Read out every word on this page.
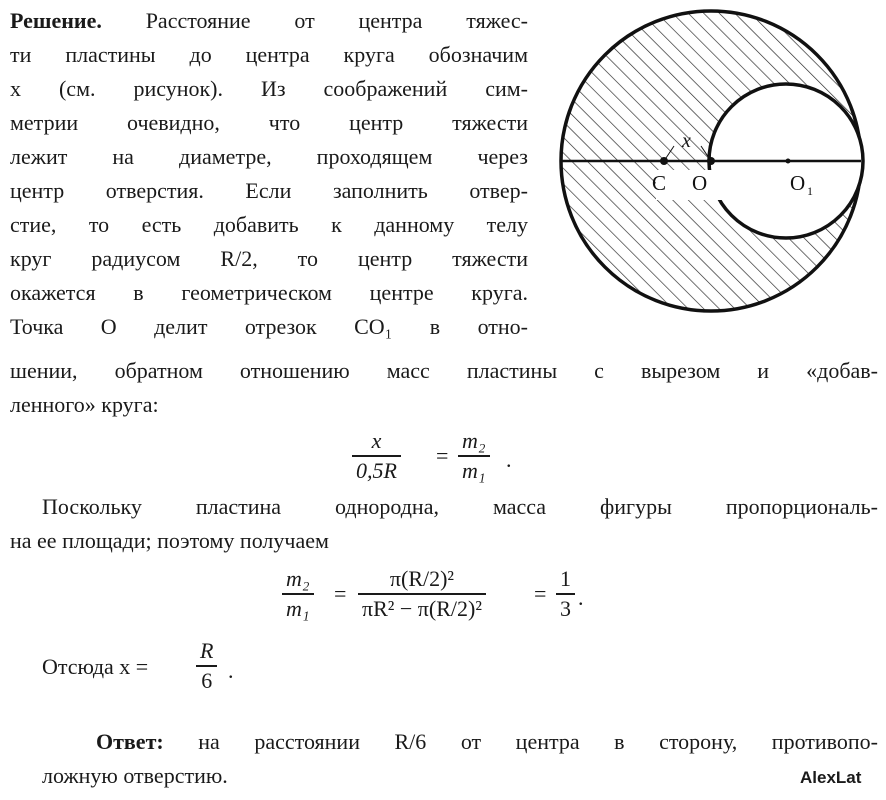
Решение. Расстояние от центра тяжес-
ти пластины до центра круга обозначим
x (см. рисунок). Из соображений сим-
метрии очевидно, что центр тяжести
лежит на диаметре, проходящем через
центр отверстия. Если заполнить отвер-
стие, то есть добавить к данному телу
круг радиусом R/2, то центр тяжести
окажется в геометрическом центре круга.
Точка O делит отрезок CO₁ в отно-
шении, обратном отношению масс пластины с вырезом и «добав-
ленного» круга:
x
C O	O 1
x
0,5R
=
m₂
m₁ .
Поскольку пластина однородна, масса фигуры пропорциональ-
на ее площади; поэтому получаем
m₂
m₁
=
π(R/2)²
πR² − π(R/2)²
=
1
3 .
Отсюда x =
R
6 .
Ответ: на расстоянии R/6 от центра в сторону, противопо-
ложную отверстию.	AlexLat
